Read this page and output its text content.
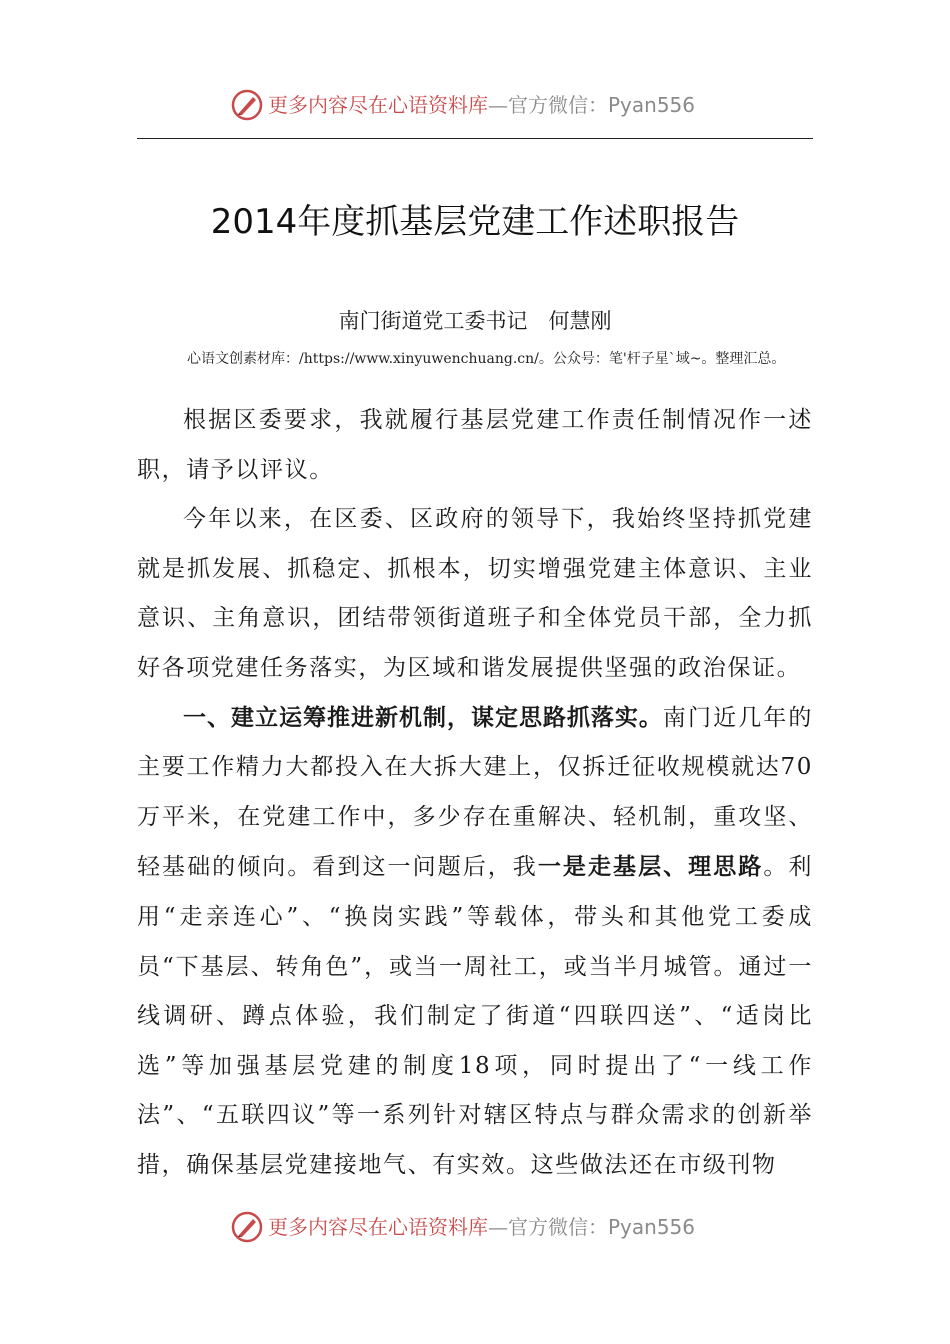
更多内容尽在心语资料库—官方微信：Pyan556
2014年度抓基层党建工作述职报告
南门街道党工委书记　何慧刚
心语文创素材库：/https://www.xinyuwenchuang.cn/。公众号：笔'杆子星`域~。整理汇总。

根据区委要求，我就履行基层党建工作责任制情况作一述职，请予以评议。

今年以来，在区委、区政府的领导下，我始终坚持抓党建就是抓发展、抓稳定、抓根本，切实增强党建主体意识、主业意识、主角意识，团结带领街道班子和全体党员干部，全力抓好各项党建任务落实，为区域和谐发展提供坚强的政治保证。

一、建立运筹推进新机制，谋定思路抓落实。南门近几年的主要工作精力大都投入在大拆大建上，仅拆迁征收规模就达70万平米，在党建工作中，多少存在重解决、轻机制，重攻坚、轻基础的倾向。看到这一问题后，我一是走基层、理思路。利用“走亲连心”、“换岗实践”等载体，带头和其他党工委成员“下基层、转角色”，或当一周社工，或当半月城管。通过一线调研、蹲点体验，我们制定了街道“四联四送”、“适岗比选”等加强基层党建的制度18项，同时提出了“一线工作法”、“五联四议”等一系列针对辖区特点与群众需求的创新举措，确保基层党建接地气、有实效。这些做法还在市级刊物

更多内容尽在心语资料库—官方微信：Pyan556
